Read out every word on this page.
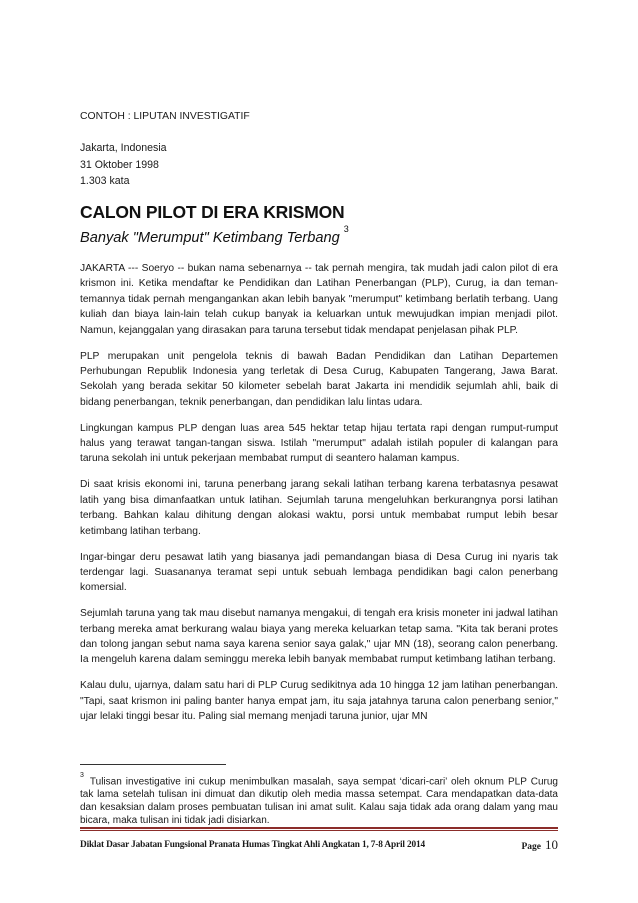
CONTOH : LIPUTAN INVESTIGATIF
Jakarta, Indonesia
31 Oktober 1998
1.303 kata
CALON PILOT DI ERA KRISMON
Banyak "Merumput" Ketimbang Terbang$^3$

JAKARTA --- Soeryo -- bukan nama sebenarnya -- tak pernah mengira, tak mudah jadi calon pilot di era krismon ini. Ketika mendaftar ke Pendidikan dan Latihan Penerbangan (PLP), Curug, ia dan teman-temannya tidak pernah mengangankan akan lebih banyak "merumput" ketimbang berlatih terbang. Uang kuliah dan biaya lain-lain telah cukup banyak ia keluarkan untuk mewujudkan impian menjadi pilot. Namun, kejanggalan yang dirasakan para taruna tersebut tidak mendapat penjelasan pihak PLP.

PLP merupakan unit pengelola teknis di bawah Badan Pendidikan dan Latihan Departemen Perhubungan Republik Indonesia yang terletak di Desa Curug, Kabupaten Tangerang, Jawa Barat. Sekolah yang berada sekitar 50 kilometer sebelah barat Jakarta ini mendidik sejumlah ahli, baik di bidang penerbangan, teknik penerbangan, dan pendidikan lalu lintas udara.

Lingkungan kampus PLP dengan luas area 545 hektar tetap hijau tertata rapi dengan rumput-rumput halus yang terawat tangan-tangan siswa. Istilah "merumput" adalah istilah populer di kalangan para taruna sekolah ini untuk pekerjaan membabat rumput di seantero halaman kampus.

Di saat krisis ekonomi ini, taruna penerbang jarang sekali latihan terbang karena terbatasnya pesawat latih yang bisa dimanfaatkan untuk latihan. Sejumlah taruna mengeluhkan berkurangnya porsi latihan terbang. Bahkan kalau dihitung dengan alokasi waktu, porsi untuk membabat rumput lebih besar ketimbang latihan terbang.

Ingar-bingar deru pesawat latih yang biasanya jadi pemandangan biasa di Desa Curug ini nyaris tak terdengar lagi. Suasananya teramat sepi untuk sebuah lembaga pendidikan bagi calon penerbang komersial.

Sejumlah taruna yang tak mau disebut namanya mengakui, di tengah era krisis moneter ini jadwal latihan terbang mereka amat berkurang walau biaya yang mereka keluarkan tetap sama. "Kita tak berani protes dan tolong jangan sebut nama saya karena senior saya galak," ujar MN (18), seorang calon penerbang. Ia mengeluh karena dalam seminggu mereka lebih banyak membabat rumput ketimbang latihan terbang.

Kalau dulu, ujarnya, dalam satu hari di PLP Curug sedikitnya ada 10 hingga 12 jam latihan penerbangan. "Tapi, saat krismon ini paling banter hanya empat jam, itu saja jatahnya taruna calon penerbang senior," ujar lelaki tinggi besar itu. Paling sial memang menjadi taruna junior, ujar MN

$^3$Tulisan investigative ini cukup menimbulkan masalah, saya sempat ‘dicari-cari’ oleh oknum PLP Curug tak lama setelah tulisan ini dimuat dan dikutip oleh media massa setempat. Cara mendapatkan data-data dan kesaksian dalam proses pembuatan tulisan ini amat sulit. Kalau saja tidak ada orang dalam yang mau bicara, maka tulisan ini tidak jadi disiarkan.
Diklat Dasar Jabatan Fungsional Pranata Humas Tingkat Ahli Angkatan 1, 7-8 April 2014	Page 10
